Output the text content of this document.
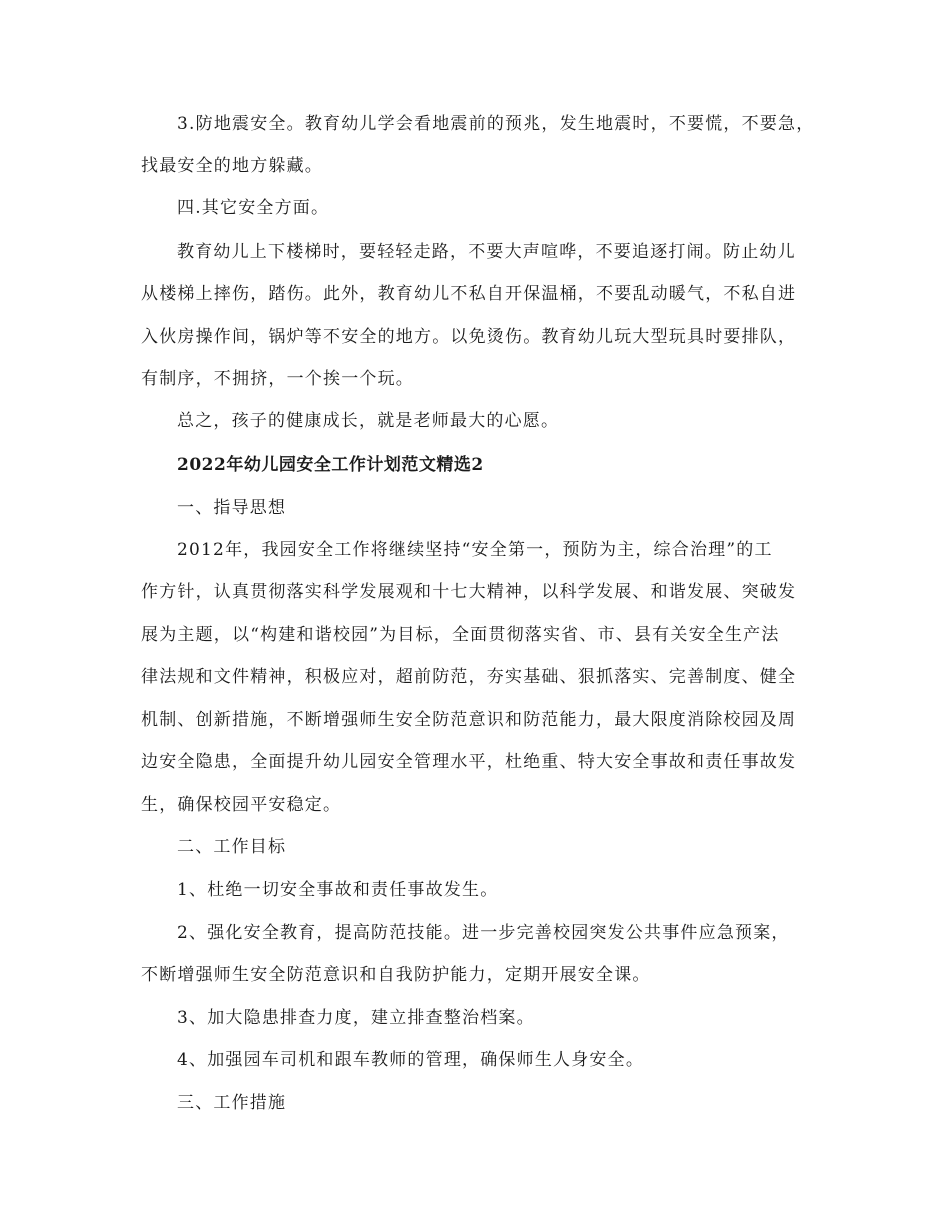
3.防地震安全。教育幼儿学会看地震前的预兆，发生地震时，不要慌，不要急，
找最安全的地方躲藏。
四.其它安全方面。
教育幼儿上下楼梯时，要轻轻走路，不要大声喧哗，不要追逐打闹。防止幼儿
从楼梯上摔伤，踏伤。此外，教育幼儿不私自开保温桶，不要乱动暖气，不私自进
入伙房操作间，锅炉等不安全的地方。以免烫伤。教育幼儿玩大型玩具时要排队，
有制序，不拥挤，一个挨一个玩。
总之，孩子的健康成长，就是老师最大的心愿。
2022年幼儿园安全工作计划范文精选2
一、指导思想
2012年，我园安全工作将继续坚持“安全第一，预防为主，综合治理”的工
作方针，认真贯彻落实科学发展观和十七大精神，以科学发展、和谐发展、突破发
展为主题，以“构建和谐校园”为目标，全面贯彻落实省、市、县有关安全生产法
律法规和文件精神，积极应对，超前防范，夯实基础、狠抓落实、完善制度、健全
机制、创新措施，不断增强师生安全防范意识和防范能力，最大限度消除校园及周
边安全隐患，全面提升幼儿园安全管理水平，杜绝重、特大安全事故和责任事故发
生，确保校园平安稳定。
二、工作目标
1、杜绝一切安全事故和责任事故发生。
2、强化安全教育，提高防范技能。进一步完善校园突发公共事件应急预案，
不断增强师生安全防范意识和自我防护能力，定期开展安全课。
3、加大隐患排查力度，建立排查整治档案。
4、加强园车司机和跟车教师的管理，确保师生人身安全。
三、工作措施
